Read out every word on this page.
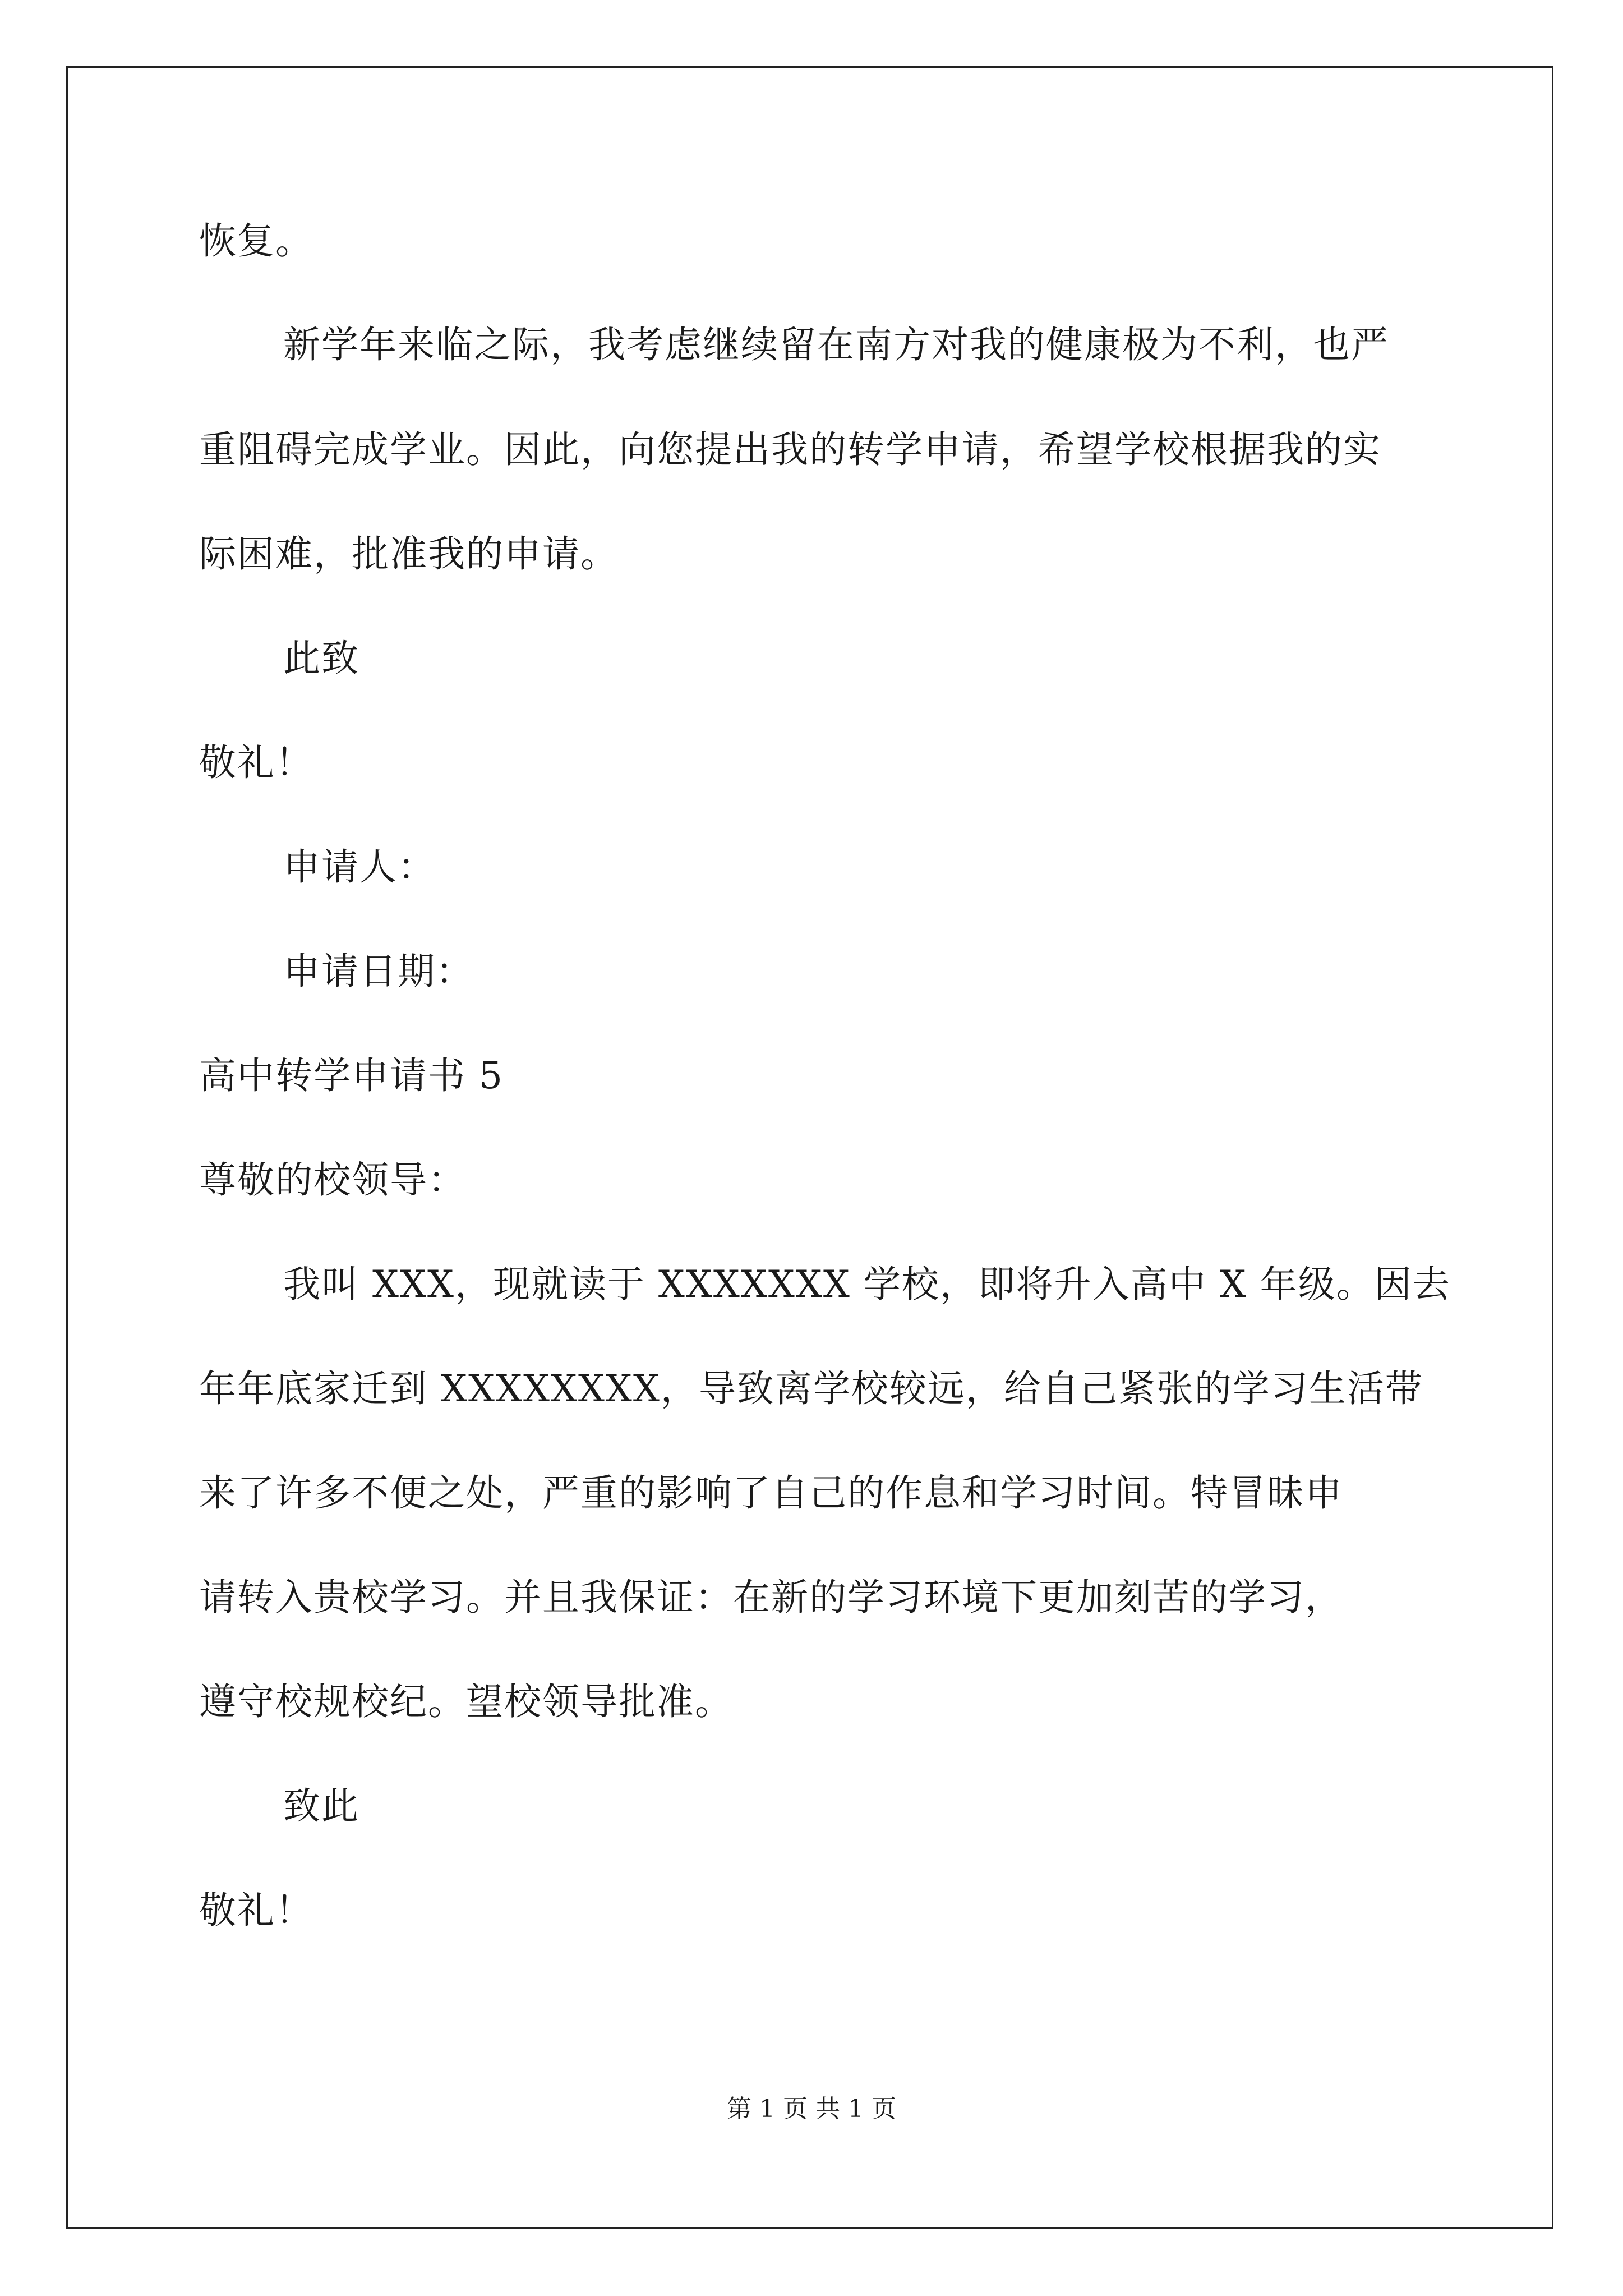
恢复。
新学年来临之际，我考虑继续留在南方对我的健康极为不利，也严
重阻碍完成学业。因此，向您提出我的转学申请，希望学校根据我的实
际困难，批准我的申请。
此致
敬礼！
申请人：
申请日期：
高中转学申请书 5
尊敬的校领导：
我叫 XXX，现就读于 XXXXXXX 学校，即将升入高中 X 年级。因去
年年底家迁到 XXXXXXXX，导致离学校较远，给自己紧张的学习生活带
来了许多不便之处，严重的影响了自己的作息和学习时间。特冒昧申
请转入贵校学习。并且我保证：在新的学习环境下更加刻苦的学习，
遵守校规校纪。望校领导批准。
致此
敬礼！
第 1 页 共 1 页
